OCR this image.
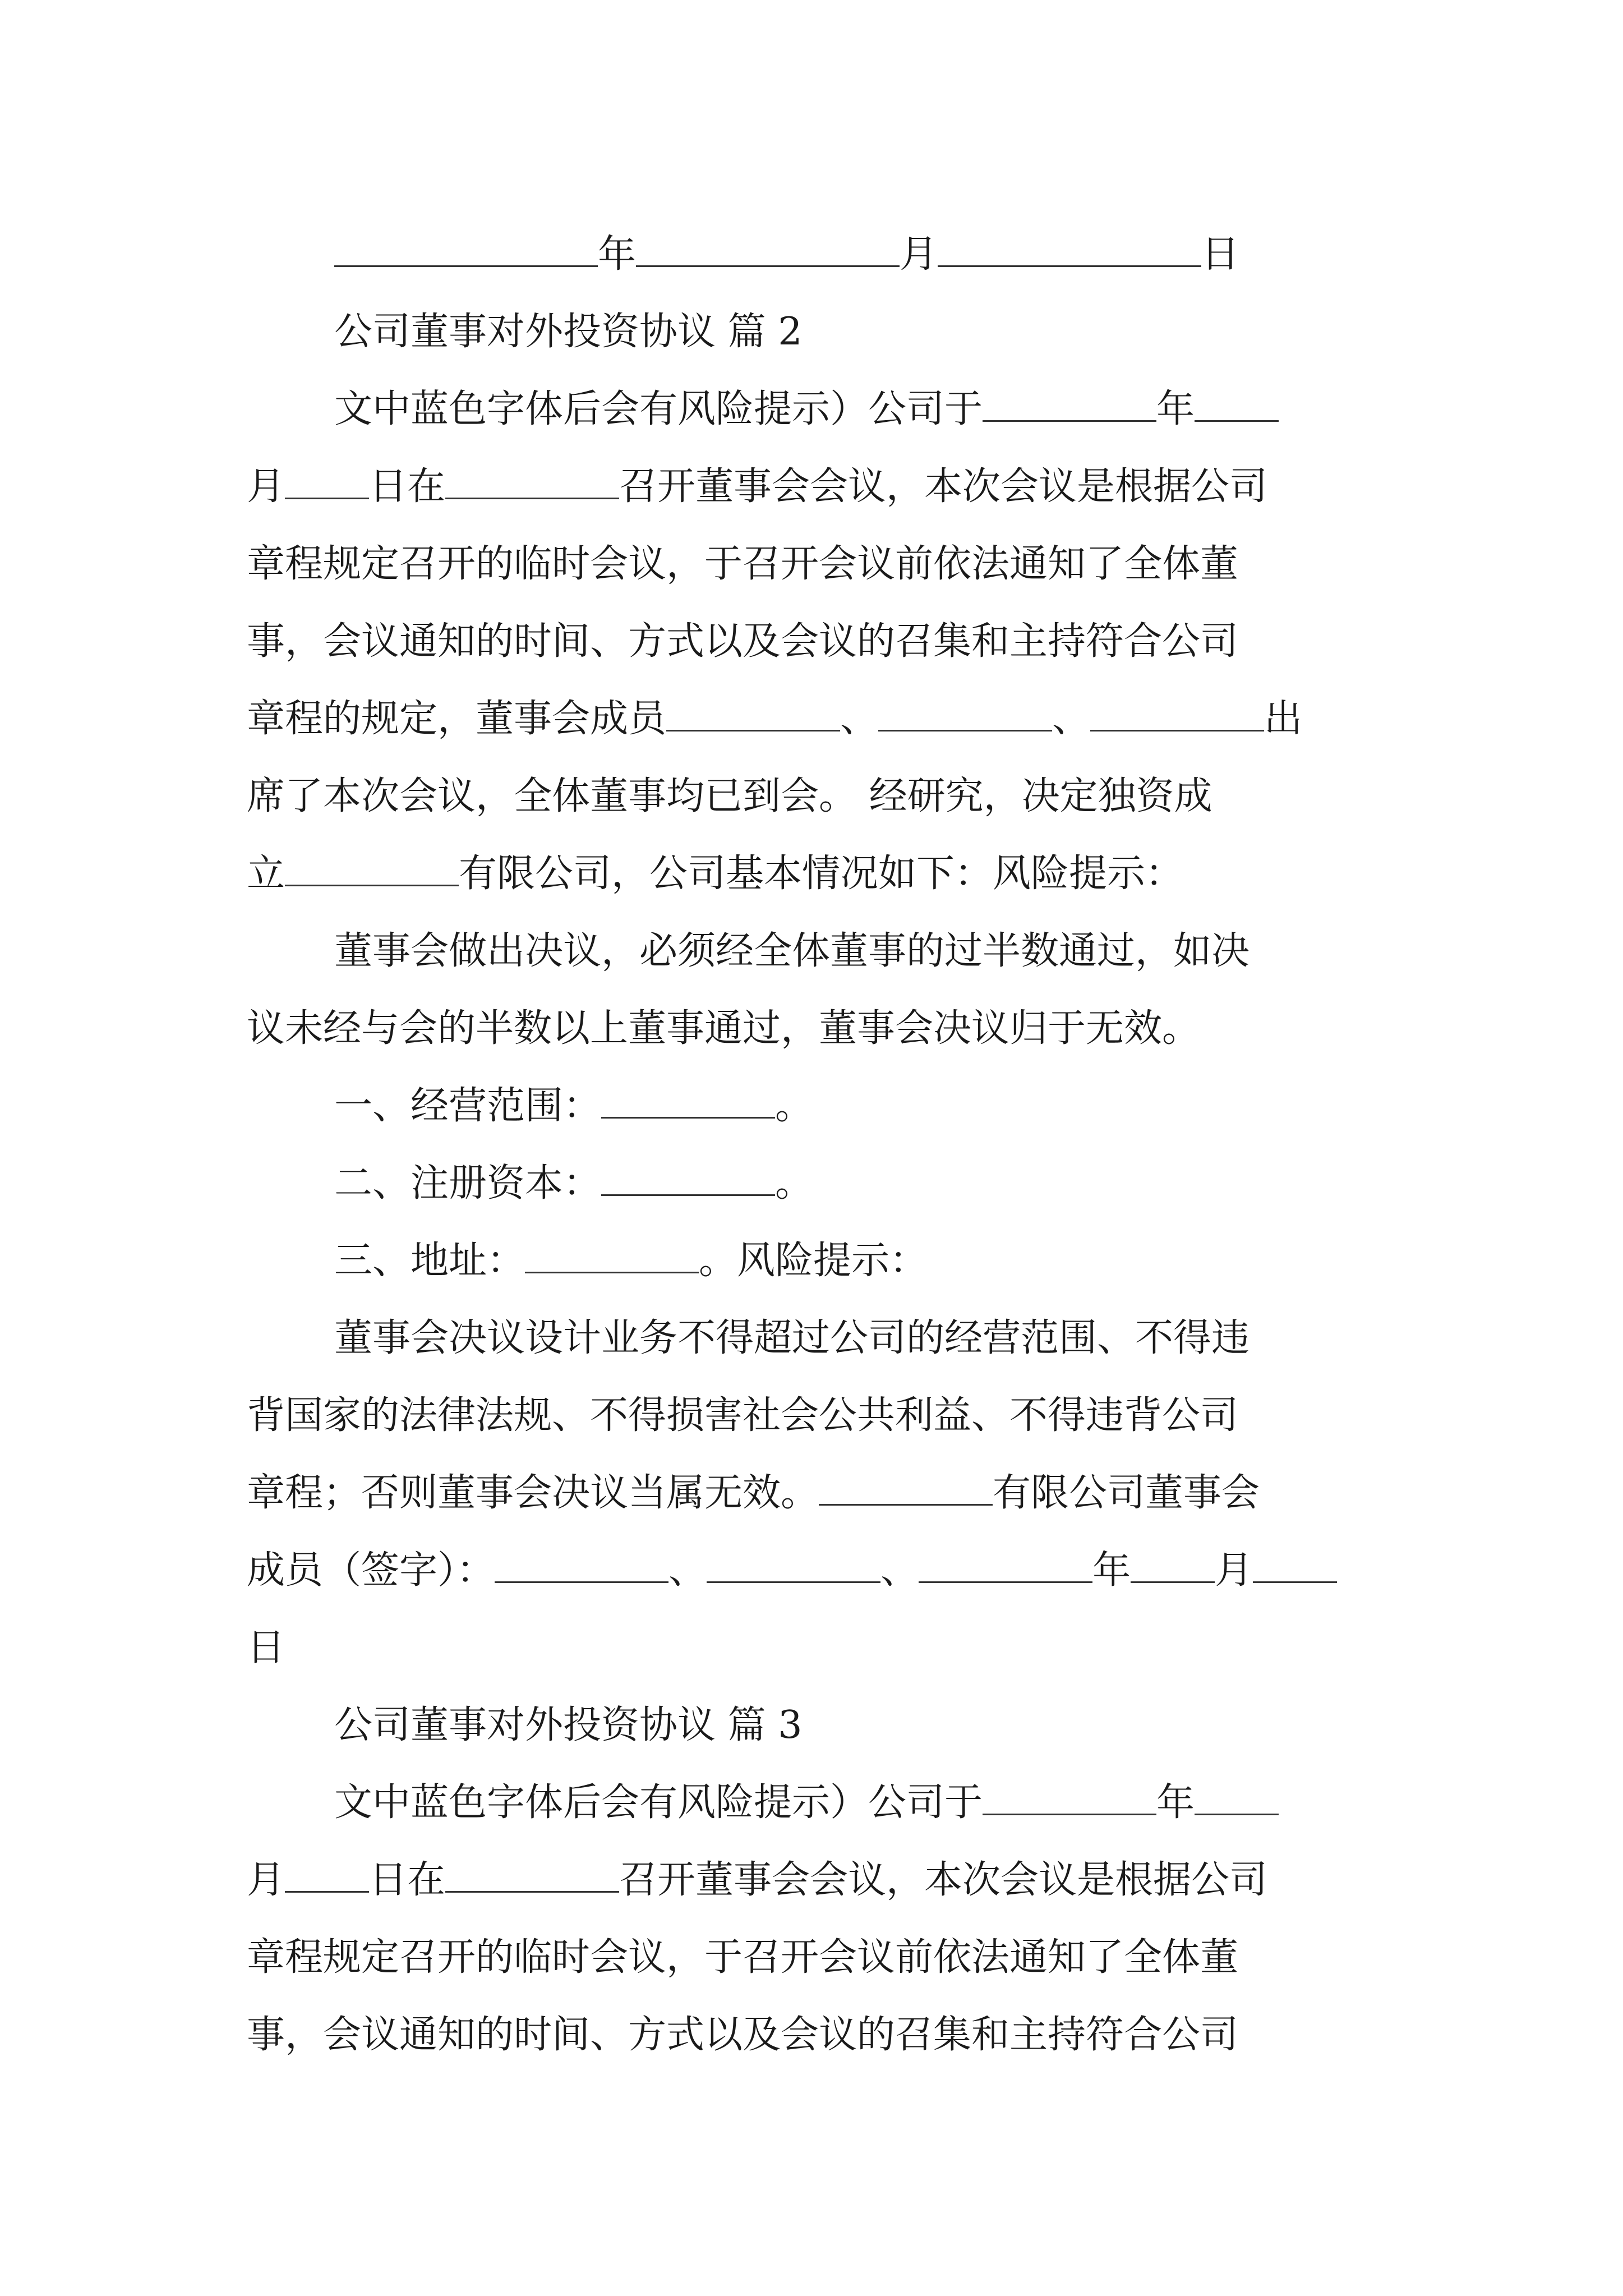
年	月	日
公司董事对外投资协议 篇 2
文中蓝色字体后会有风险提示）公司于	年
月 日在	召开董事会会议，本次会议是根据公司
章程规定召开的临时会议，于召开会议前依法通知了全体董
事，会议通知的时间、方式以及会议的召集和主持符合公司
章程的规定，董事会成员	、	、	出
席了本次会议，全体董事均已到会。 经研究，决定独资成
立	有限公司，公司基本情况如下：风险提示：
董事会做出决议，必须经全体董事的过半数通过，如决
议未经与会的半数以上董事通过，董事会决议归于无效。
一、经营范围：	。
二、注册资本：	。
三、地址：	。风险提示：
董事会决议设计业务不得超过公司的经营范围、不得违
背国家的法律法规、不得损害社会公共利益、不得违背公司
章程；否则董事会决议当属无效。	有限公司董事会
成员（签字）：	、	、	年 月
日
公司董事对外投资协议 篇 3
文中蓝色字体后会有风险提示）公司于	年
月 日在	召开董事会会议，本次会议是根据公司
章程规定召开的临时会议，于召开会议前依法通知了全体董
事，会议通知的时间、方式以及会议的召集和主持符合公司
